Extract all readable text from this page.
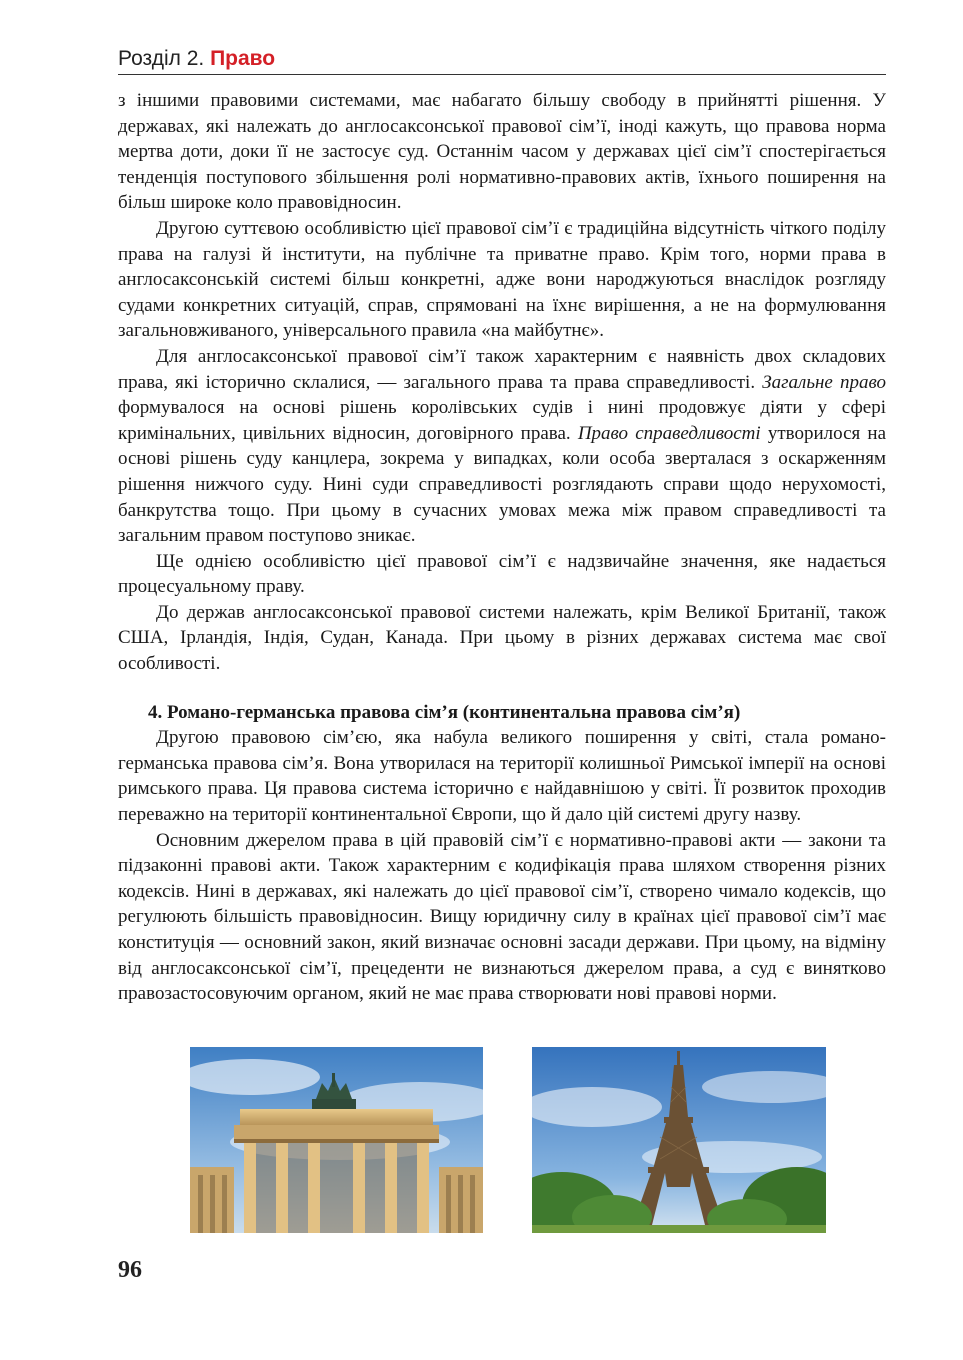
Розділ 2. Право

з іншими правовими системами, має набагато більшу свободу в прийнятті рішення. У державах, які належать до англосаксонської правової сім’ї, іноді кажуть, що правова норма мертва доти, доки її не застосує суд. Останнім часом у державах цієї сім’ї спостерігається тенденція поступового збільшення ролі нормативно-правових актів, їхнього поширення на більш широке коло правовідносин.

Другою суттєвою особливістю цієї правової сім’ї є традиційна відсутність чіткого поділу права на галузі й інститути, на публічне та приватне право. Крім того, норми права в англосаксонській системі більш конкретні, адже вони народжуються внаслідок розгляду судами конкретних ситуацій, справ, спрямовані на їхнє вирішення, а не на формулювання загальновживаного, універсального правила «на майбутнє».

Для англосаксонської правової сім’ї також характерним є наявність двох складових права, які історично склалися, — загального права та права справедливості. Загальне право формувалося на основі рішень королівських судів і нині продовжує діяти у сфері кримінальних, цивільних відносин, договірного права. Право справедливості утворилося на основі рішень суду канцлера, зокрема у випадках, коли особа зверталася з оскарженням рішення нижчого суду. Нині суди справедливості розглядають справи щодо нерухомості, банкрутства тощо. При цьому в сучасних умовах межа між правом справедливості та загальним правом поступово зникає.

Ще однією особливістю цієї правової сім’ї є надзвичайне значення, яке надається процесуальному праву.

До держав англосаксонської правової системи належать, крім Великої Британії, також США, Ірландія, Індія, Судан, Канада. При цьому в різних державах система має свої особливості.

4. Романо-германська правова сім’я (континентальна правова сім’я)

Другою правовою сім’єю, яка набула великого поширення у світі, стала романо-германська правова сім’я. Вона утворилася на території колишньої Римської імперії на основі римського права. Ця правова система історично є найдавнішою у світі. Її розвиток проходив переважно на території континентальної Європи, що й дало цій системі другу назву.

Основним джерелом права в цій правовій сім’ї є нормативно-правові акти — закони та підзаконні правові акти. Також характерним є кодифікація права шляхом створення різних кодексів. Нині в державах, які належать до цієї правової сім’ї, створено чимало кодексів, що регулюють більшість правовідносин. Вищу юридичну силу в країнах цієї правової сім’ї має конституція — основний закон, який визначає основні засади держави. При цьому, на відміну від англосаксонської сім’ї, прецеденти не визнаються джерелом права, а суд є винятково правозастосовуючим органом, який не має права створювати нові правові норми.

96
